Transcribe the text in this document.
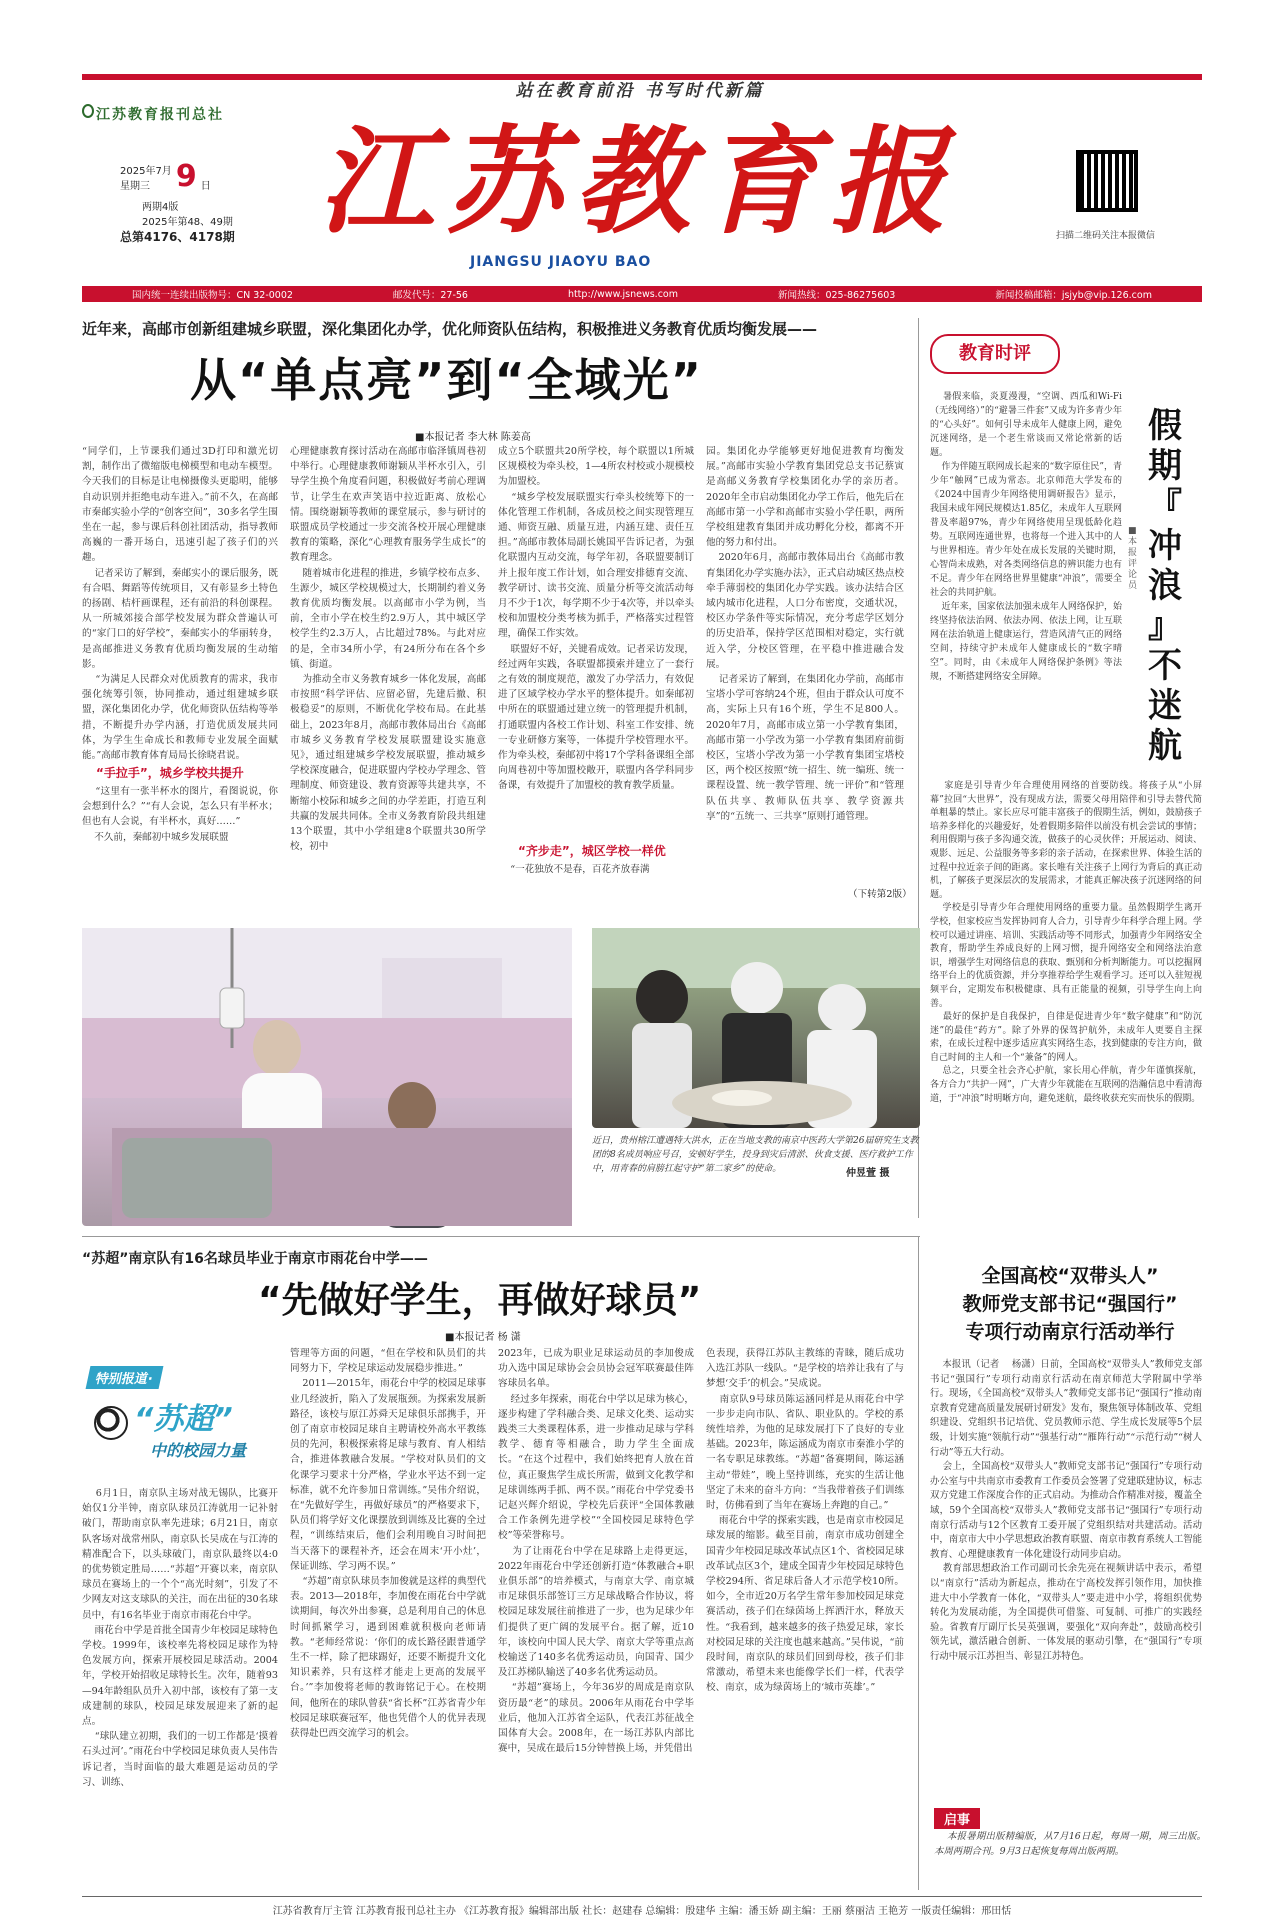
站在教育前沿 书写时代新篇
江苏教育报刊总社
2025年7月
星期三 9 日
两期4版
2025年第48、49期
总第4176、4178期 江苏教育报
JIANGSU JIAOYU BAO
扫描二维码关注本报微信
国内统一连续出版物号：CN 32-0002	邮发代号：27-56	http://www.jsnews.com	新闻热线：025-86275603	新闻投稿邮箱：jsjyb@vip.126.com
近年来，高邮市创新组建城乡联盟，深化集团化办学，优化师资队伍结构，积极推进义务教育优质均衡发展——
从“单点亮”到“全域光”
■本报记者 李大林 陈姜高
“同学们，上节课我们通过3D打印和激光切割，制作出了微缩版电梯模型和电动车模型。今天我们的目标是让电梯摄像头更聪明，能够自动识别并拒绝电动车进入。”前不久，在高邮市秦邮实验小学的“创客空间”，30多名学生围坐在一起，参与课后科创社团活动，指导教师高巍的一番开场白，迅速引起了孩子们的兴趣。
记者采访了解到，秦邮实小的课后服务，既有合唱、舞蹈等传统项目，又有彰显乡土特色的扬剧、桔杆画课程，还有前沿的科创课程。从一所城郊接合部学校发展为群众普遍认可的“家门口的好学校”，秦邮实小的华丽转身，是高邮推进义务教育优质均衡发展的生动缩影。
“为满足人民群众对优质教育的需求，我市强化统筹引领，协同推动，通过组建城乡联盟，深化集团化办学，优化师资队伍结构等举措，不断提升办学内涵，打造优质发展共同体，为学生生命成长和教师专业发展全面赋能。”高邮市教育体育局局长徐晓君说。
“手拉手”，城乡学校共提升
“这里有一张半杯水的图片，看图说说，你会想到什么？”“有人会说，怎么只有半杯水；但也有人会说，有半杯水，真好……”
不久前，秦邮初中城乡发展联盟
心理健康教育探讨活动在高邮市临泽镇周巷初中举行。心理健康教师谢颖从半杯水引入，引导学生换个角度看问题，积极做好考前心理调节，让学生在欢声笑语中拉近距离、放松心情。围绕谢颖等教师的课堂展示，参与研讨的联盟成员学校通过一步交流各校开展心理健康教育的策略，深化“心理教育服务学生成长”的教育理念。
随着城市化进程的推进，乡镇学校布点多、生源少，城区学校规模过大，长期制约着义务教育优质均衡发展。以高邮市小学为例，当前，全市小学在校生约2.9万人，其中城区学校学生约2.3万人，占比超过78%。与此对应的是，全市34所小学，有24所分布在各个乡镇、街道。
为推动全市义务教育城乡一体化发展，高邮市按照“科学评估、应留必留，先建后撤、积极稳妥”的原则，不断优化学校布局。在此基础上，2023年8月，高邮市教体局出台《高邮市城乡义务教育学校发展联盟建设实施意见》，通过组建城乡学校发展联盟，推动城乡学校深度融合，促进联盟内学校办学理念、管理制度、师资建设、教育资源等共建共享，不断缩小校际和城乡之间的办学差距，打造互利共赢的发展共同体。全市义务教育阶段共组建13个联盟，其中小学组建8个联盟共30所学校，初中
成立5个联盟共20所学校，每个联盟以1所城区规模校为牵头校，1—4所农村校或小规模校为加盟校。
“城乡学校发展联盟实行牵头校统筹下的一体化管理工作机制，各成员校之间实现管理互通、师资互融、质量互进，内涵互建、责任互担。”高邮市教体局副长姚国平告诉记者，为强化联盟内互动交流，每学年初，各联盟要制订并上报年度工作计划，如合理安排德育交流、教学研讨、读书交流、质量分析等交流活动每月不少于1次，每学期不少于4次等，并以牵头校和加盟校分类考核为抓手，严格落实过程管理，确保工作实效。
联盟好不好，关键看成效。记者采访发现，经过两年实践，各联盟都摸索并建立了一套行之有效的制度规范，激发了办学活力，有效促进了区域学校办学水平的整体提升。如秦邮初中所在的联盟通过建立统一的管理提升机制，打通联盟内各校工作计划、科室工作安排、统一专业研修方案等，一体提升学校管理水平。作为牵头校，秦邮初中将17个学科备课组全部向周巷初中等加盟校敞开，联盟内各学科同步备课，有效提升了加盟校的教育教学质量。
“齐步走”，城区学校一样优
“一花独放不是春，百花齐放春满
园。集团化办学能够更好地促进教育均衡发展。”高邮市实验小学教育集团党总支书记蔡寅是高邮义务教育学校集团化办学的亲历者。2020年全市启动集团化办学工作后，他先后在高邮市第一小学和高邮市实验小学任职，两所学校组建教育集团并成功孵化分校，都离不开他的努力和付出。
2020年6月，高邮市教体局出台《高邮市教育集团化办学实施办法》，正式启动城区热点校牵手薄弱校的集团化办学实践。该办法结合区域内城市化进程，人口分布密度，交通状况，校区办学条件等实际情况，充分考虑学区划分的历史沿革，保持学区范围相对稳定，实行就近入学，分校区管理，在平稳中推进融合发展。
记者采访了解到，在集团化办学前，高邮市宝塔小学可容纳24个班，但由于群众认可度不高，实际上只有16个班，学生不足800人。2020年7月，高邮市成立第一小学教育集团，高邮市第一小学改为第一小学教育集团府前街校区，宝塔小学改为第一小学教育集团宝塔校区，两个校区按照“统一招生、统一编班、统一课程设置、统一教学管理、统一评价”和“管理队伍共享、教师队伍共享、教学资源共享”的“五统一、三共享”原则打通管理。
（下转第2版）
教育时评
假
期
『
冲
浪
』
不
迷
航
■本报评论员
暑假来临，炎夏漫漫，“空调、西瓜和Wi-Fi（无线网络）”的“避暑三件套”又成为许多青少年的“心头好”。如何引导未成年人健康上网，避免沉迷网络，是一个老生常谈而又常论常新的话题。
作为伴随互联网成长起来的“数字原住民”，青少年“触网”已成为常态。北京师范大学发布的《2024中国青少年网络使用调研报告》显示，我国未成年网民规模达1.85亿，未成年人互联网普及率超97%，青少年网络使用呈现低龄化趋势。互联网连通世界，也将每一个进入其中的人与世界相连。青少年处在成长发展的关键时期，心智尚未成熟，对各类网络信息的辨识能力也有不足。青少年在网络世界里健康“冲浪”，需要全社会的共同护航。
近年来，国家依法加强未成年人网络保护，始终坚持依法治网、依法办网、依法上网，让互联网在法治轨道上健康运行，营造风清气正的网络空间，持续守护未成年人健康成长的“数字晴空”。同时，由《未成年人网络保护条例》等法规，不断搭建网络安全屏障。
家庭是引导青少年合理使用网络的首要防线。将孩子从“小屏幕”拉回“大世界”，没有现成方法，需要父母用陪伴和引导去替代简单粗暴的禁止。家长应尽可能丰富孩子的假期生活，例如，鼓励孩子培养多样化的兴趣爱好，处着假期多陪伴以前没有机会尝试的事情；利用假期与孩子多沟通交流，做孩子的心灵伙伴；开展运动、阅读、观影、远足、公益服务等多彩的亲子活动，在探索世界、体验生活的过程中拉近亲子间的距离。家长唯有关注孩子上网行为背后的真正动机，了解孩子更深层次的发展需求，才能真正解决孩子沉迷网络的问题。
学校是引导青少年合理使用网络的重要力量。虽然假期学生离开学校，但家校应当发挥协同育人合力，引导青少年科学合理上网。学校可以通过讲座、培训、实践活动等不同形式，加强青少年网络安全教育，帮助学生养成良好的上网习惯，提升网络安全和网络法治意识，增强学生对网络信息的获取、甄别和分析判断能力。可以挖掘网络平台上的优质资源，并分享推荐给学生观看学习。还可以入驻短视频平台，定期发布积极健康、具有正能量的视频，引导学生向上向善。
最好的保护是自我保护，自律是促进青少年“数字健康”和“防沉迷”的最佳“药方”。除了外界的保驾护航外，未成年人更要自主探索，在成长过程中逐步适应真实网络生态，找到健康的专注方向，做自己时间的主人和一个“兼备”的网人。
总之，只要全社会齐心护航，家长用心伴航，青少年谨慎探航，各方合力“共护一网”，广大青少年就能在互联网的浩瀚信息中看清海道，于“冲浪”时明晰方向，避免迷航，最终收获充实而快乐的假期。
近日，贵州榕江遭遇特大洪水，正在当地支教的南京中医药大学第26届研究生支教团的8名成员响应号召，安顿好学生，投身到灾后清淤、伙食支援、医疗救护工作中，用青春的肩膀扛起守护“第二家乡”的使命。	仲昱萱 摄
“苏超”南京队有16名球员毕业于南京市雨花台中学——
“先做好学生，再做好球员”
■本报记者 杨 潇
特别报道·
“苏超”
中的校园力量
6月1日，南京队主场对战无锡队，比赛开始仅1分半钟，南京队球员江涛就用一记补射破门，帮助南京队率先进球；6月21日，南京队客场对战常州队，南京队长吴成在与江涛的精准配合下，以头球破门，南京队最终以4:0的优势锁定胜局……“苏超”开赛以来，南京队球员在赛场上的一个个“高光时刻”，引发了不少网友对这支球队的关注，而在出征的30名球员中，有16名毕业于南京市雨花台中学。
雨花台中学是首批全国青少年校园足球特色学校。1999年，该校率先将校园足球作为特色发展方向，探索开展校园足球活动。2004年，学校开始招收足球特长生。次年，随着93—94年龄组队员升入初中部，该校有了第一支成建制的球队，校园足球发展迎来了新的起点。
“球队建立初期，我们的一切工作都是‘摸着石头过河’。”雨花台中学校园足球负责人吴伟告诉记者，当时面临的最大难题是运动员的学习、训练、
管理等方面的问题，“但在学校和队员们的共同努力下，学校足球运动发展稳步推进。”
2011—2015年，雨花台中学的校园足球事业几经波折，陷入了发展瓶颈。为探索发展新路径，该校与原江苏舜天足球俱乐部携手，开创了南京市校园足球自主聘请校外高水平教练员的先河，积极探索将足球与教育、育人相结合，推进体教融合发展。“学校对队员们的文化课学习要求十分严格，学业水平达不到一定标准，就不允许参加日常训练。”吴伟介绍说，在“先做好学生，再做好球员”的严格要求下，队员们将学好文化课摆放到训练及比赛的全过程，“训练结束后，他们会利用晚自习时间把当天落下的课程补齐，还会在周末‘开小灶’，保证训练、学习两不误。”
“苏超”南京队球员李加俊就是这样的典型代表。2013—2018年，李加俊在雨花台中学就读期间，每次外出参赛，总是利用自己的休息时间抓紧学习，遇到困难就积极向老师请教。“老师经常说：‘你们的成长路径跟普通学生不一样，除了把球踢好，还要不断提升文化知识素养，只有这样才能走上更高的发展平台。’”李加俊将老师的教诲铭记于心。在校期间，他所在的球队曾获“省长杯”江苏省青少年校园足球联赛冠军，他也凭借个人的优异表现获得赴巴西交流学习的机会。
2023年，已成为职业足球运动员的李加俊成功入选中国足球协会会员协会冠军联赛最佳阵容球员名单。
经过多年探索，雨花台中学以足球为核心，逐步构建了学科融合类、足球文化类、运动实践类三大类课程体系，进一步推动足球与学科教学、德育等相融合，助力学生全面成长。“在这个过程中，我们始终把育人放在首位，真正聚焦学生成长所需，做到文化教学和足球训练两手抓、两不误。”雨花台中学党委书记赵兴辉介绍说，学校先后获评“全国体教融合工作条例先进学校”“全国校园足球特色学校”等荣誉称号。
为了让雨花台中学在足球路上走得更远，2022年雨花台中学还创新打造“体教融合+职业俱乐部”的培养模式，与南京大学、南京城市足球俱乐部签订三方足球战略合作协议，将校园足球发展往前推进了一步，也为足球少年们提供了更广阔的发展平台。据了解，近10年，该校向中国人民大学、南京大学等重点高校输送了140多名优秀运动员，向国青、国少及江苏梯队输送了40多名优秀运动员。
“苏超”赛场上，今年36岁的周成是南京队资历最“老”的球员。2006年从雨花台中学毕业后，他加入江苏省全运队，代表江苏征战全国体育大会。2008年，在一场江苏队内部比赛中，吴成在最后15分钟替换上场，并凭借出
色表现，获得江苏队主教练的青睐，随后成功入选江苏队一线队。“是学校的培养让我有了与梦想‘交手’的机会。”吴成说。
南京队9号球员陈运涵同样是从雨花台中学一步步走向市队、省队、职业队的。学校的系统性培养，为他的足球发展打下了良好的专业基础。2023年，陈运涵成为南京市秦淮小学的一名专职足球教练。“苏超”备赛期间，陈运涵主动“带娃”，晚上坚持训练，充实的生活让他坚定了未来的奋斗方向：“当我带着孩子们训练时，仿佛看到了当年在赛场上奔跑的自己。”
雨花台中学的探索实践，也是南京市校园足球发展的缩影。截至目前，南京市成功创建全国青少年校园足球改革试点区1个、省校园足球改革试点区3个，建成全国青少年校园足球特色学校294所、省足球后备人才示范学校10所。如今，全市近20万名学生常年参加校园足球竞赛活动，孩子们在绿茵场上挥洒汗水，释放天性。“我看到，越来越多的孩子热爱足球，家长对校园足球的关注度也越来越高。”吴伟说，“前段时间，南京队的球员们回到母校，孩子们非常激动，希望未来也能像学长们一样，代表学校、南京，成为绿茵场上的‘城市英雄’。”
全国高校“双带头人”
教师党支部书记“强国行”
专项行动南京行活动举行
本报讯（记者    杨潇）日前，全国高校“双带头人”教师党支部书记“强国行”专项行动南京行活动在南京师范大学附属中学举行。现场，《全国高校“双带头人”教师党支部书记“强国行”推动南京教育党建高质量发展研讨研发》发布，聚焦领导体制改革、党组织建设、党组织书记培优、党员教师示范、学生成长发展等5个层级，计划实施“领航行动”“强基行动”“雁阵行动”“示范行动”“树人行动”等五大行动。
会上，全国高校“双带头人”教师党支部书记“强国行”专项行动办公室与中共南京市委教育工作委员会签署了党建联建协议，标志双方党建工作深度合作的正式启动。为推动合作精准对接，覆盖全域，59个全国高校“双带头人”教师党支部书记“强国行”专项行动南京行活动与12个区教育工委开展了党组织结对共建活动。活动中，南京市大中小学思想政治教育联盟、南京市教育系统人工智能教育、心理健康教育一体化建设行动同步启动。
教育部思想政治工作司副司长余先亮在视频讲话中表示，希望以“南京行”活动为新起点，推动在宁高校发挥引领作用，加快推进大中小学教育一体化，“双带头人”要走进中小学，将组织优势转化为发展动能，为全国提供可借鉴、可复制、可推广的实践经验。省教育厅副厅长吴英强调，要强化“双向奔赴”，鼓励高校引领先试，激活融合创新、一体发展的驱动引擎，在“强国行”专项行动中展示江苏担当、彰显江苏特色。
启事
本报暑期出版精编版，从7月16日起，每周一期，周三出版。本周两期合刊。9月3日起恢复每周出版两期。
江苏省教育厅主管 江苏教育报刊总社主办 《江苏教育报》编辑部出版 社长：赵建春 总编辑：殷建华 主编：潘玉娇 副主编：王丽 蔡丽洁 王艳芳 一版责任编辑：邢田恬
